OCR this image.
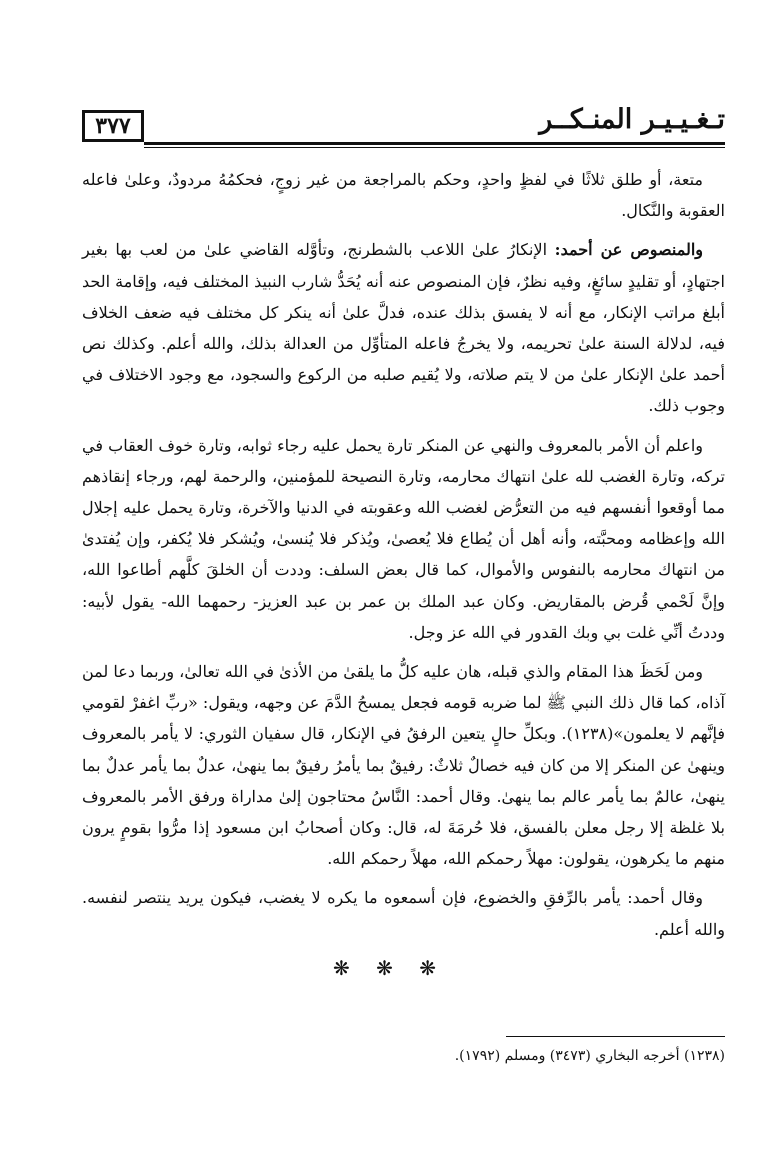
تـغـيـيـر المنـكــر
٣٧٧

متعة، أو طلق ثلاثًا في لفظٍ واحدٍ، وحكم بالمراجعة من غير زوجٍ، فحكمُهُ مردودٌ، وعلىٰ فاعله العقوبة والنَّكال.

والمنصوص عن أحمد: الإنكارُ علىٰ اللاعب بالشطرنج، وتأوَّله القاضي علىٰ من لعب بها بغير اجتهادٍ، أو تقليدٍ سائغٍ، وفيه نظرٌ، فإن المنصوص عنه أنه يُحَدُّ شارب النبيذ المختلف فيه، وإقامة الحد أبلغ مراتب الإنكار، مع أنه لا يفسق بذلك عنده، فدلَّ علىٰ أنه ينكر كل مختلف فيه ضعف الخلاف فيه، لدلالة السنة علىٰ تحريمه، ولا يخرجُ فاعله المتأوِّل من العدالة بذلك، والله أعلم. وكذلك نص أحمد علىٰ الإنكار علىٰ من لا يتم صلاته، ولا يُقيم صلبه من الركوع والسجود، مع وجود الاختلاف في وجوب ذلك.

واعلم أن الأمر بالمعروف والنهي عن المنكر تارة يحمل عليه رجاء ثوابه، وتارة خوف العقاب في تركه، وتارة الغضب لله علىٰ انتهاك محارمه، وتارة النصيحة للمؤمنين، والرحمة لهم، ورجاء إنقاذهم مما أوقعوا أنفسهم فيه من التعرُّض لغضب الله وعقوبته في الدنيا والآخرة، وتارة يحمل عليه إجلال الله وإعظامه ومحبَّته، وأنه أهل أن يُطاع فلا يُعصىٰ، ويُذكر فلا يُنسىٰ، ويُشكر فلا يُكفر، وإن يُفتدىٰ من انتهاك محارمه بالنفوس والأموال، كما قال بعض السلف: وددت أن الخلقَ كلَّهم أطاعوا الله، وإنَّ لَحْمي قُرض بالمقاريض. وكان عبد الملك بن عمر بن عبد العزيز- رحمهما الله- يقول لأبيه: وددتُ أنِّي غلت بي وبك القدور في الله عز وجل.

ومن لَحَظَ هذا المقام والذي قبله، هان عليه كلُّ ما يلقىٰ من الأذىٰ في الله تعالىٰ، وربما دعا لمن آذاه، كما قال ذلك النبي ﷺ لما ضربه قومه فجعل يمسحُ الدَّمَ عن وجهه، ويقول: «ربِّ اغفرْ لقومي فإنَّهم لا يعلمون»(١٢٣٨). وبكلِّ حالٍ يتعين الرفقُ في الإنكار، قال سفيان الثوري: لا يأمر بالمعروف وينهىٰ عن المنكر إلا من كان فيه خصالٌ ثلاثٌ: رفيقٌ بما يأمرُ رفيقٌ بما ينهىٰ، عدلٌ بما يأمر عدلٌ بما ينهىٰ، عالمٌ بما يأمر عالم بما ينهىٰ. وقال أحمد: النَّاسُ محتاجون إلىٰ مداراة ورفق الأمر بالمعروف بلا غلظة إلا رجل معلن بالفسق، فلا حُرمَةَ له، قال: وكان أصحابُ ابن مسعود إذا مرُّوا بقومٍ يرون منهم ما يكرهون، يقولون: مهلاً رحمكم الله، مهلاً رحمكم الله.

وقال أحمد: يأمر بالرِّفقِ والخضوع، فإن أسمعوه ما يكره لا يغضب، فيكون يريد ينتصر لنفسه. والله أعلم.

❋ ❋ ❋
(١٢٣٨) أخرجه البخاري (٣٤٧٣) ومسلم (١٧٩٢).
